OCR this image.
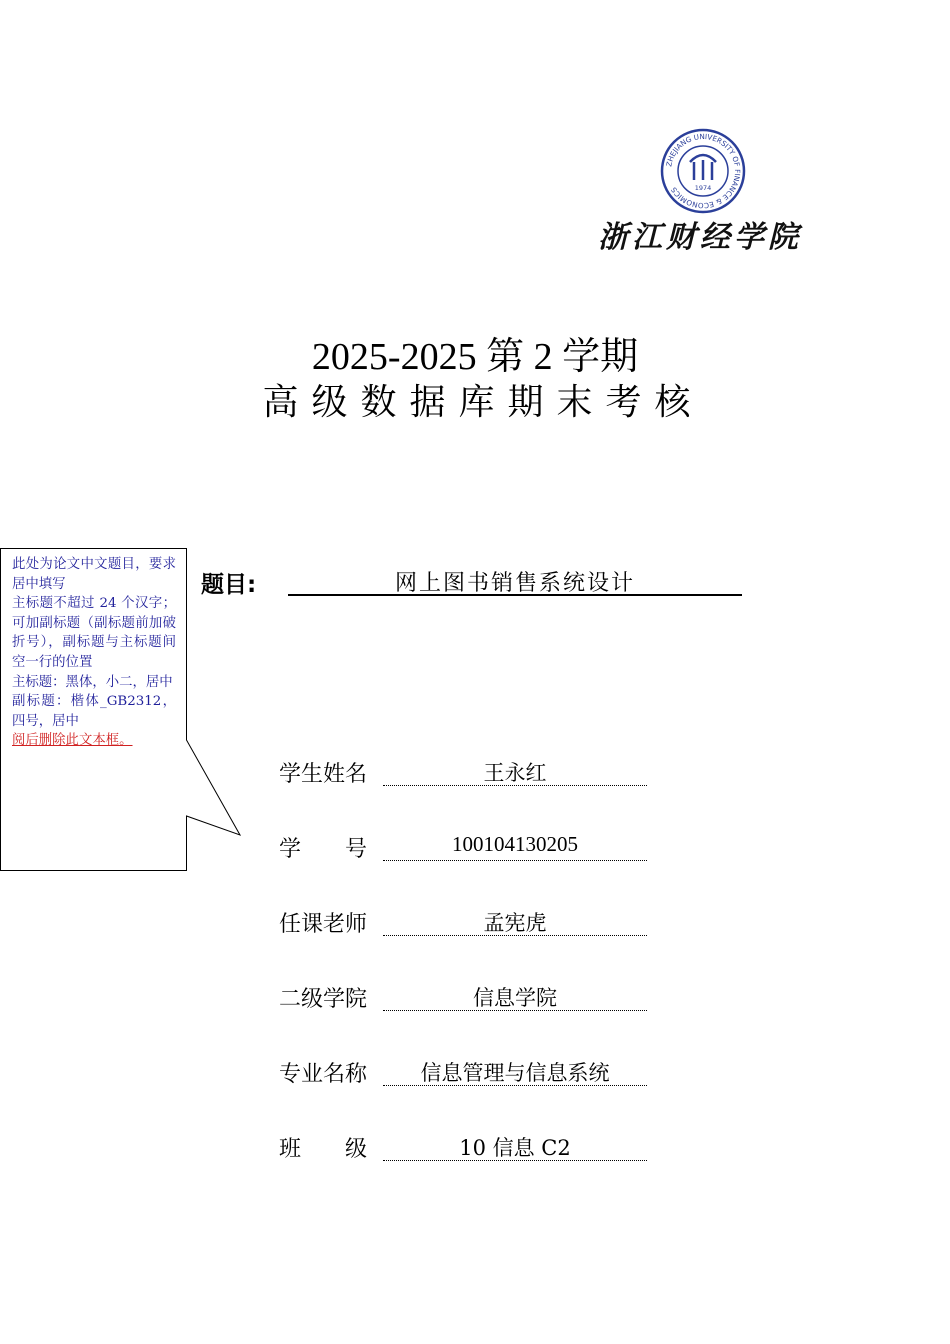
ZHEJIANG UNIVERSITY OF FINANCE & ECONOMICS	1974
浙江财经学院
2025-2025 第 2 学期
高级数据库期末考核
此处为论文中文题目，要求居中填写
主标题不超过 24 个汉字；可加副标题（副标题前加破折号），副标题与主标题间空一行的位置
主标题：黑体，小二，居中
副标题：楷体_GB2312，四号，居中
阅后删除此文本框。
题目:	网上图书销售系统设计
学生姓名	王永红
学　　号	100104130205
任课老师	孟宪虎
二级学院	信息学院
专业名称	信息管理与信息系统
班　　级	10 信息 C2
